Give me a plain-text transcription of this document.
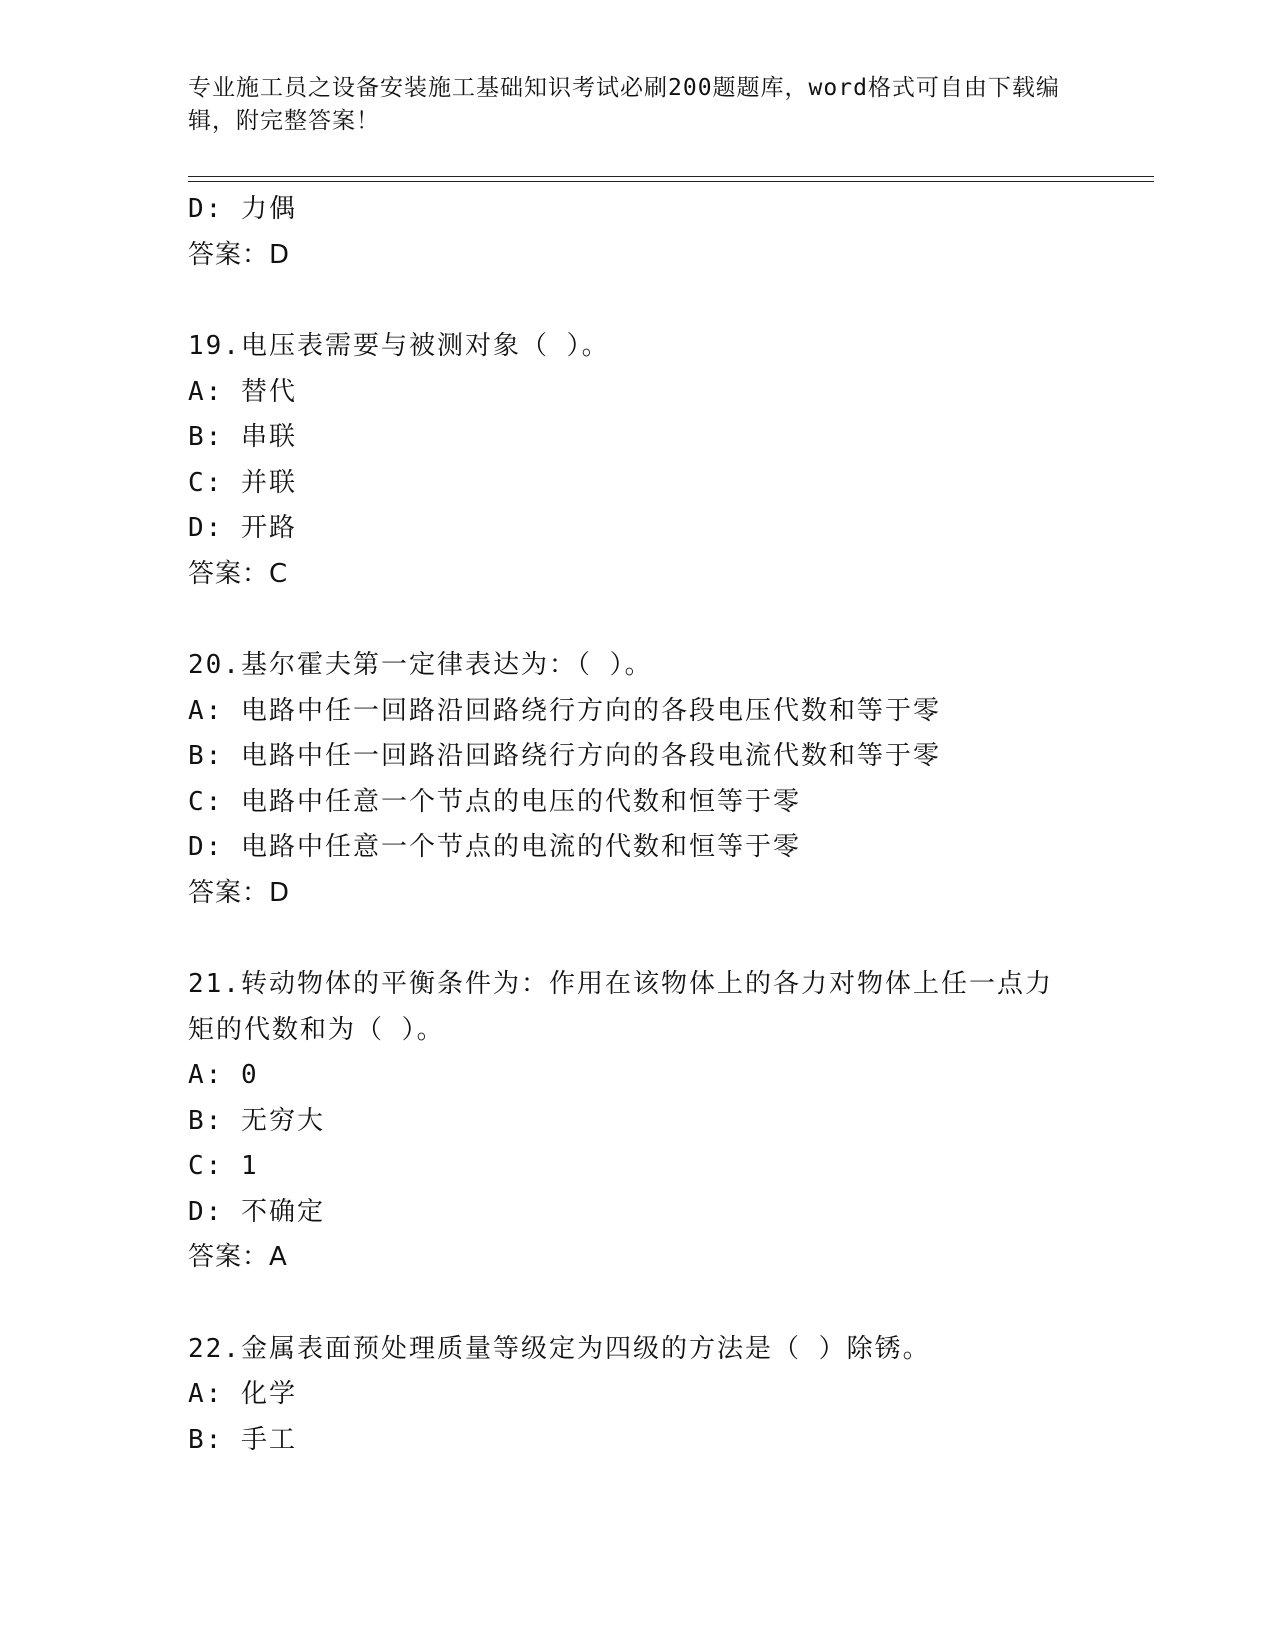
专业施工员之设备安装施工基础知识考试必刷200题题库，word格式可自由下载编辑，附完整答案！
D: 力偶
答案：D
19.电压表需要与被测对象（ ）。
A: 替代
B: 串联
C: 并联
D: 开路
答案：C
20.基尔霍夫第一定律表达为：（ ）。
A: 电路中任一回路沿回路绕行方向的各段电压代数和等于零
B: 电路中任一回路沿回路绕行方向的各段电流代数和等于零
C: 电路中任意一个节点的电压的代数和恒等于零
D: 电路中任意一个节点的电流的代数和恒等于零
答案：D
21.转动物体的平衡条件为：作用在该物体上的各力对物体上任一点力矩的代数和为（ ）。
A: 0
B: 无穷大
C: 1
D: 不确定
答案：A
22.金属表面预处理质量等级定为四级的方法是（ ）除锈。
A: 化学
B: 手工
